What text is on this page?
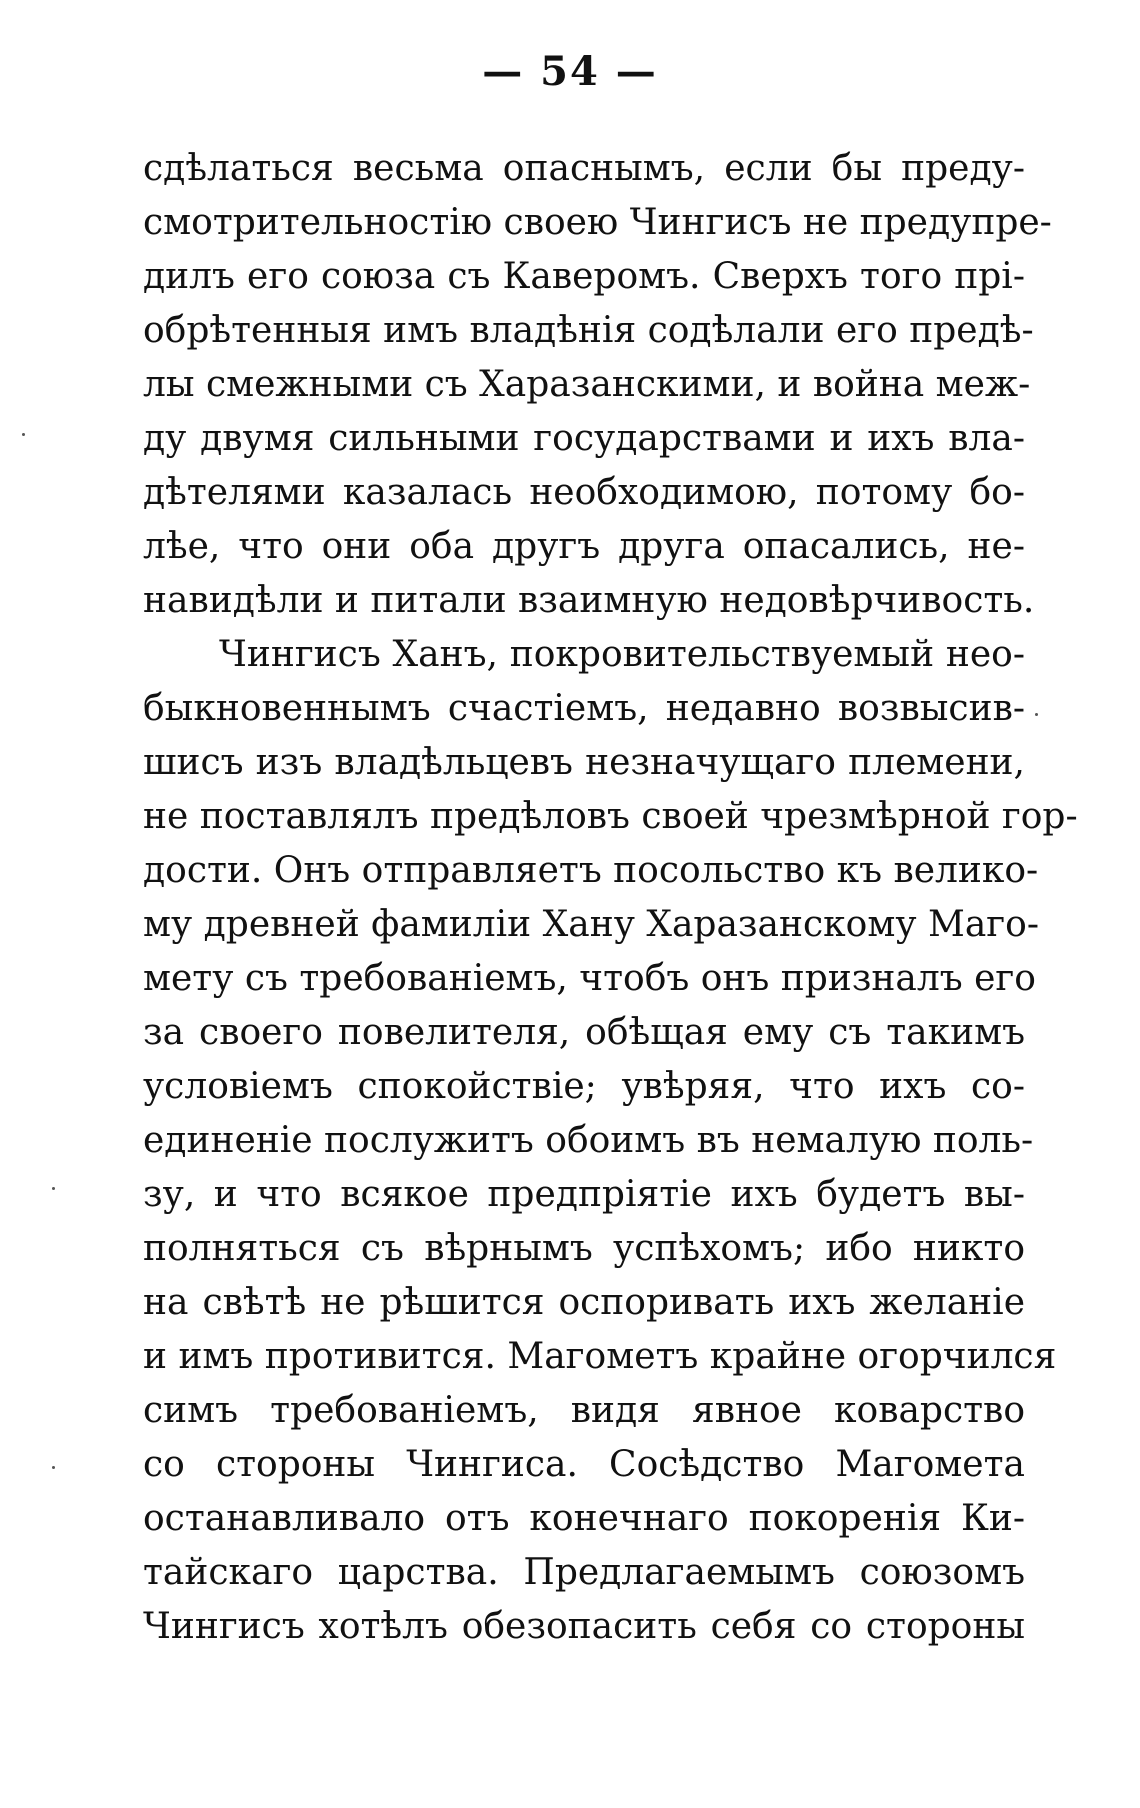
— 54 —
сдѣлаться весьма опаснымъ, если бы преду-
смотрительностію своею Чингисъ не предупре-
дилъ его союза съ Каверомъ. Сверхъ того прі-
обрѣтенныя имъ владѣнія содѣлали его предѣ-
лы смежными съ Харазанскими, и война меж-
ду двумя сильными государствами и ихъ вла-
дѣтелями казалась необходимою, потому бо-
лѣе, что они оба другъ друга опасались, не-
навидѣли и питали взаимную недовѣрчивость.
Чингисъ Ханъ, покровительствуемый нео-
быкновеннымъ счастіемъ, недавно возвысив-
шисъ изъ владѣльцевъ незначущаго племени,
не поставлялъ предѣловъ своей чрезмѣрной гор-
дости. Онъ отправляетъ посольство къ велико-
му древней фамиліи Хану Харазанскому Маго-
мету съ требованіемъ, чтобъ онъ призналъ его
за своего повелителя, обѣщая ему съ такимъ
условіемъ спокойствіе; увѣряя, что ихъ со-
единеніе послужитъ обоимъ въ немалую поль-
зу, и что всякое предпріятіе ихъ будетъ вы-
полняться съ вѣрнымъ успѣхомъ; ибо никто
на свѣтѣ не рѣшится оспоривать ихъ желаніе
и имъ противится. Магометъ крайне огорчился
симъ требованіемъ, видя явное коварство
со стороны Чингиса. Сосѣдство Магомета
останавливало отъ конечнаго покоренія Ки-
тайскаго царства. Предлагаемымъ союзомъ
Чингисъ хотѣлъ обезопасить себя со стороны
